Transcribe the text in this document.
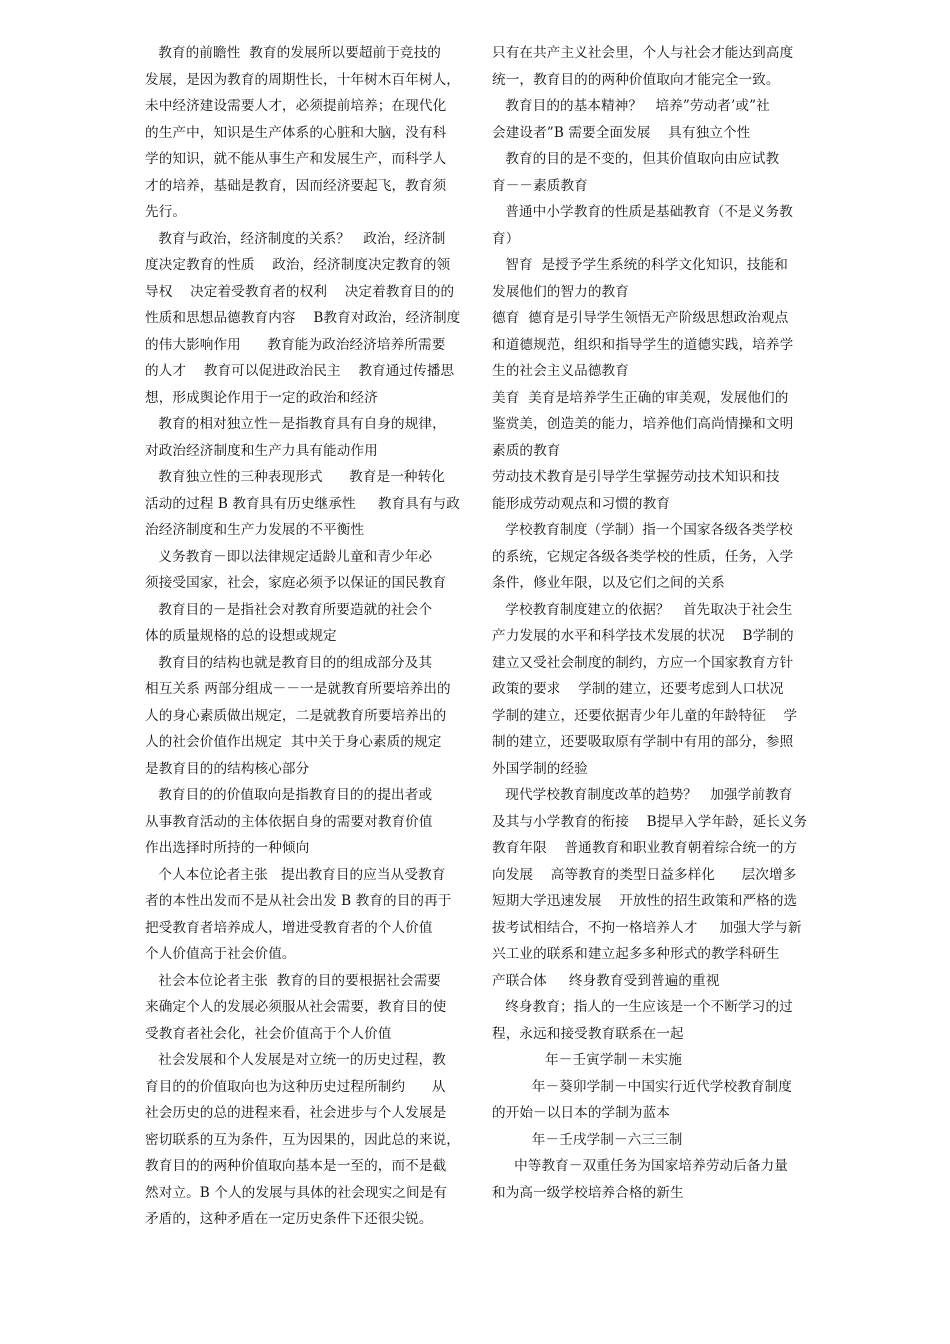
教育的前瞻性  教育的发展所以要超前于竞技的
发展，是因为教育的周期性长，十年树木百年树人，
未中经济建设需要人才，必须提前培养；在现代化
的生产中，知识是生产体系的心脏和大脑，没有科
学的知识，就不能从事生产和发展生产，而科学人
才的培养，基础是教育，因而经济要起飞，教育须
先行。
教育与政治，经济制度的关系？   政治，经济制
度决定教育的性质    政治，经济制度决定教育的领
导权    决定着受教育者的权利    决定着教育目的的
性质和思想品德教育内容    B教育对政治，经济制度
的伟大影响作用      教育能为政治经济培养所需要
的人才    教育可以促进政治民主    教育通过传播思
想，形成舆论作用于一定的政治和经济
教育的相对独立性－是指教育具有自身的规律，
对政治经济制度和生产力具有能动作用
教育独立性的三种表现形式      教育是一种转化
活动的过程 B 教育具有历史继承性     教育具有与政
治经济制度和生产力发展的不平衡性
义务教育－即以法律规定适龄儿童和青少年必
须接受国家，社会，家庭必须予以保证的国民教育
教育目的－是指社会对教育所要造就的社会个
体的质量规格的总的设想或规定
教育目的结构也就是教育目的的组成部分及其
相互关系 两部分组成－－一是就教育所要培养出的
人的身心素质做出规定，二是就教育所要培养出的
人的社会价值作出规定  其中关于身心素质的规定
是教育目的的结构核心部分
教育目的的价值取向是指教育目的的提出者或
从事教育活动的主体依据自身的需要对教育价值
作出选择时所持的一种倾向
个人本位论者主张   提出教育目的应当从受教育
者的本性出发而不是从社会出发 B 教育的目的再于
把受教育者培养成人，增进受教育者的个人价值
个人价值高于社会价值。
社会本位论者主张  教育的目的要根据社会需要
来确定个人的发展必须服从社会需要，教育目的使
受教育者社会化，社会价值高于个人价值
社会发展和个人发展是对立统一的历史过程，教
育目的的价值取向也为这种历史过程所制约      从
社会历史的总的进程来看，社会进步与个人发展是
密切联系的互为条件，互为因果的，因此总的来说，
教育目的的两种价值取向基本是一至的，而不是截
然对立。B 个人的发展与具体的社会现实之间是有
矛盾的，这种矛盾在一定历史条件下还很尖锐。
只有在共产主义社会里，个人与社会才能达到高度
统一，教育目的的两种价值取向才能完全一致。
教育目的的基本精神？   培养”劳动者’或”社
会建设者”B 需要全面发展    具有独立个性
教育的目的是不变的，但其价值取向由应试教
育－－素质教育
普通中小学教育的性质是基础教育（不是义务教
育）
智育  是授予学生系统的科学文化知识，技能和
发展他们的智力的教育
德育  德育是引导学生领悟无产阶级思想政治观点
和道德规范，组织和指导学生的道德实践，培养学
生的社会主义品德教育
美育  美育是培养学生正确的审美观，发展他们的
鉴赏美，创造美的能力，培养他们高尚情操和文明
素质的教育
劳动技术教育是引导学生掌握劳动技术知识和技
能形成劳动观点和习惯的教育
学校教育制度（学制）指一个国家各级各类学校
的系统，它规定各级各类学校的性质，任务，入学
条件，修业年限，以及它们之间的关系
学校教育制度建立的依据？   首先取决于社会生
产力发展的水平和科学技术发展的状况    B学制的
建立又受社会制度的制约，方应一个国家教育方针
政策的要求    学制的建立，还要考虑到人口状况
学制的建立，还要依据青少年儿童的年龄特征    学
制的建立，还要吸取原有学制中有用的部分，参照
外国学制的经验
现代学校教育制度改革的趋势？   加强学前教育
及其与小学教育的衔接    B提早入学年龄，延长义务
教育年限    普通教育和职业教育朝着综合统一的方
向发展    高等教育的类型日益多样化      层次增多
短期大学迅速发展    开放性的招生政策和严格的选
拔考试相结合，不拘一格培养人才     加强大学与新
兴工业的联系和建立起多多种形式的教学科研生
产联合体     终身教育受到普遍的重视
终身教育；指人的一生应该是一个不断学习的过
程，永远和接受教育联系在一起
年－壬寅学制－未实施
年－葵卯学制－中国实行近代学校教育制度
的开始－以日本的学制为蓝本
年－壬戌学制－六三三制
中等教育－双重任务为国家培养劳动后备力量
和为高一级学校培养合格的新生
